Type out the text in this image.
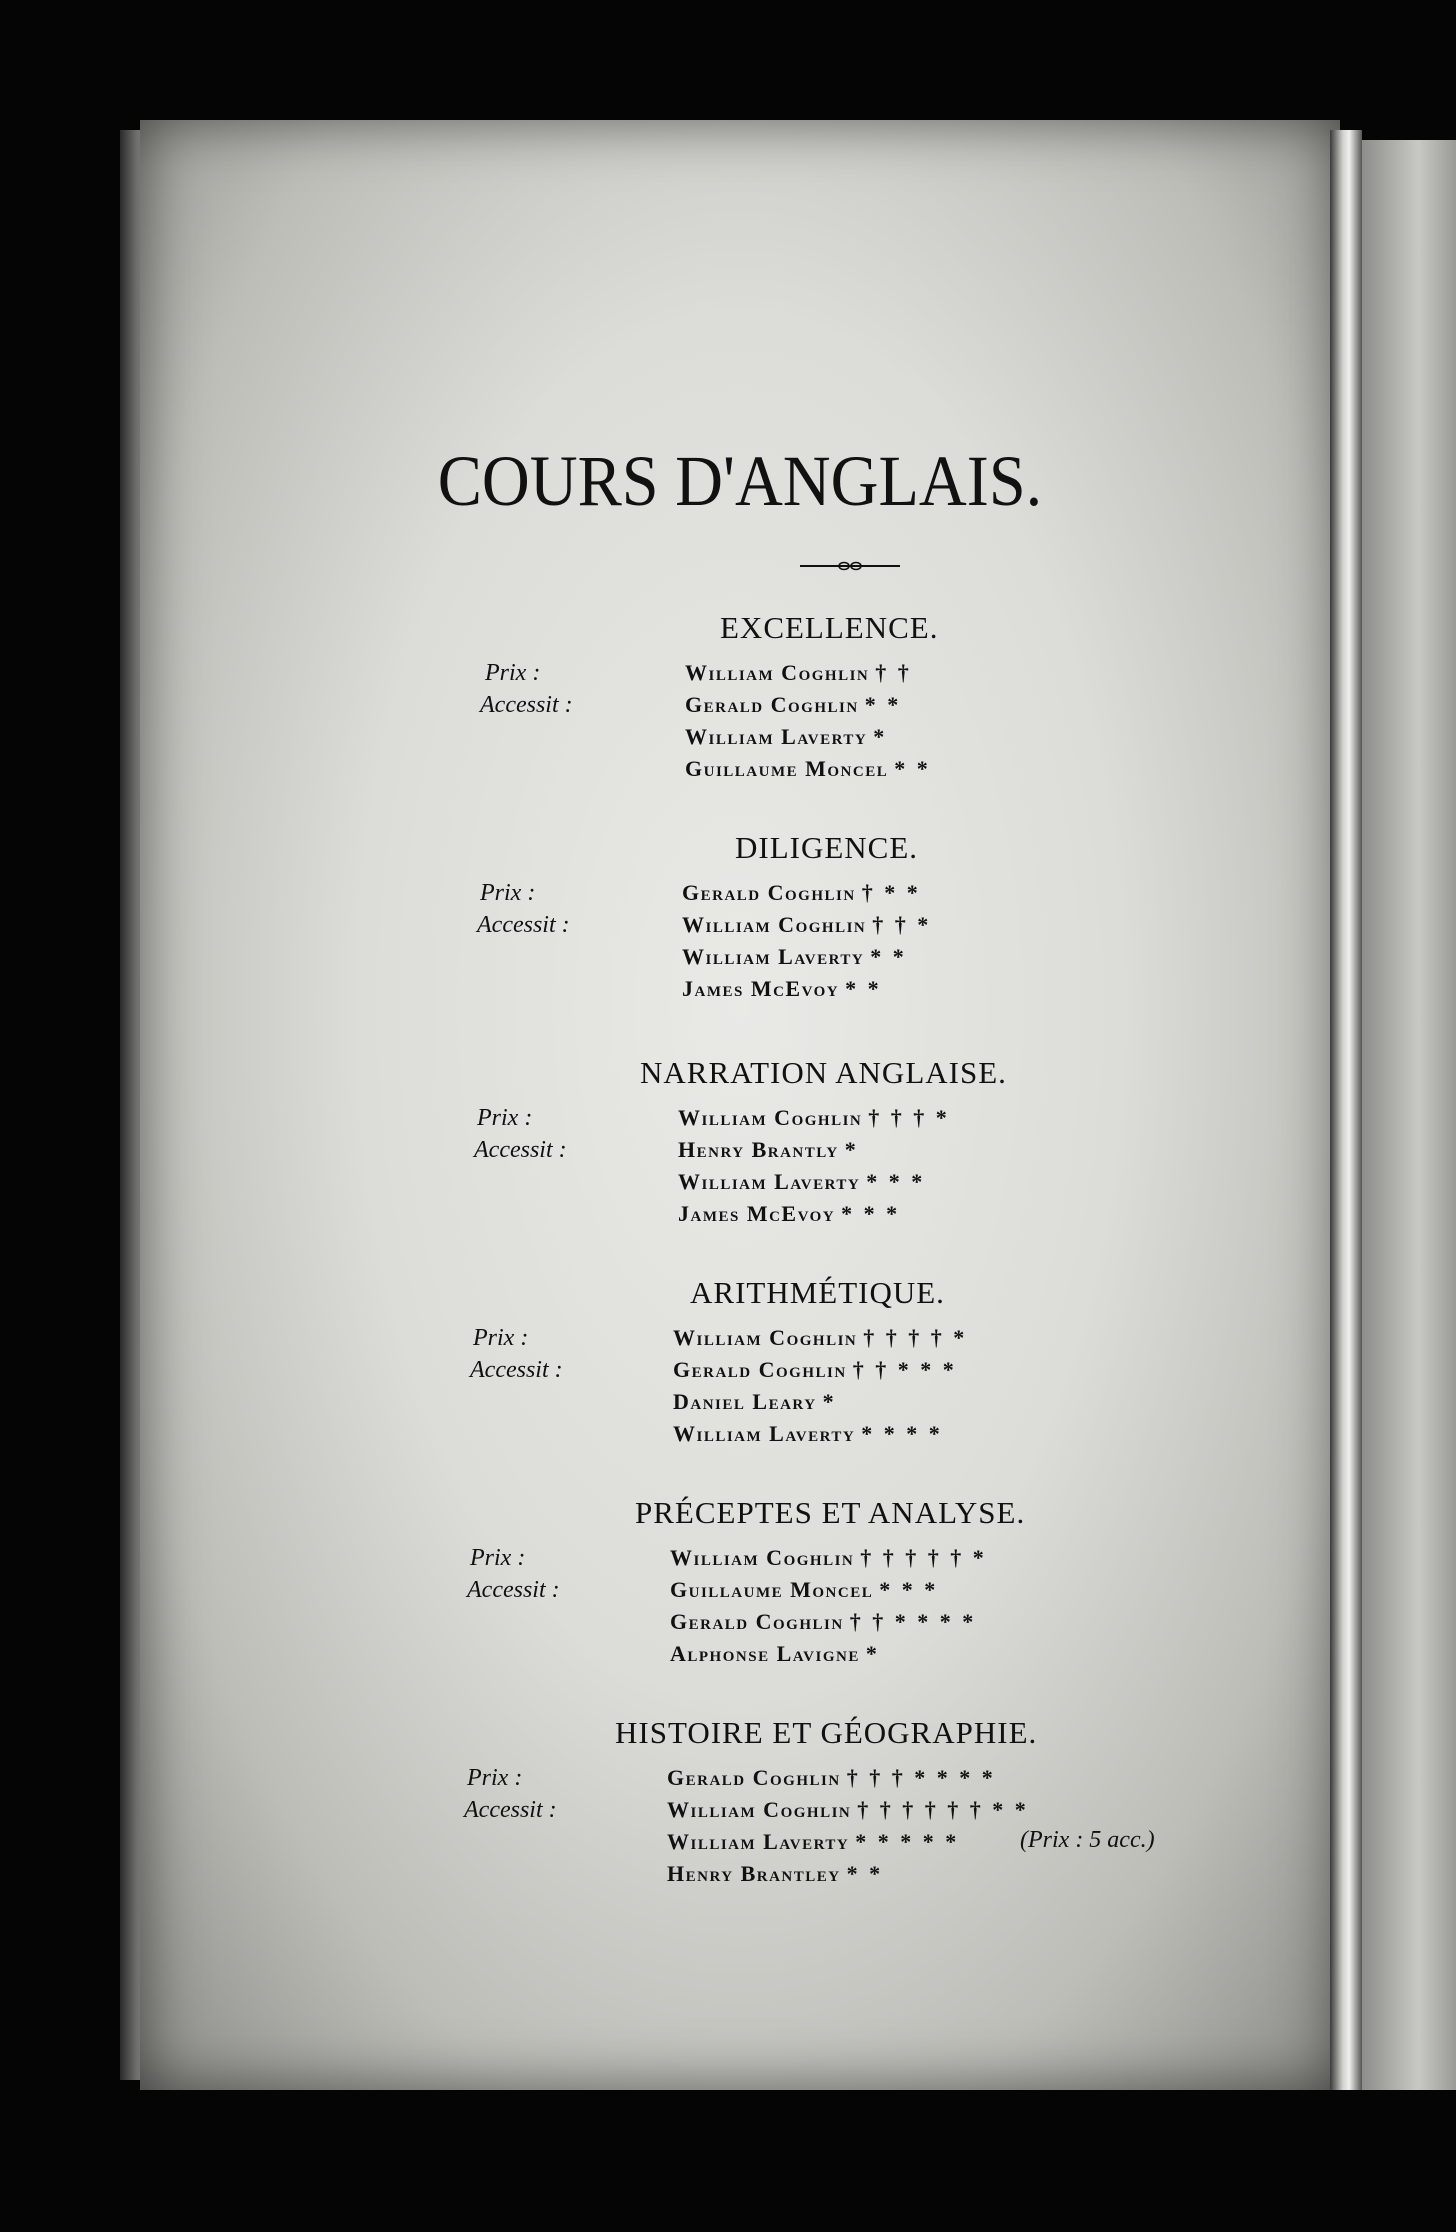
COURS D'ANGLAIS.
EXCELLENCE.
Prix :
Accessit :
William Coghlin † †
Gerald Coghlin * *
William Laverty *
Guillaume Moncel * *
DILIGENCE.
Prix :
Accessit :
Gerald Coghlin † * *
William Coghlin † † *
William Laverty * *
James McEvoy * *
NARRATION ANGLAISE.
Prix :
Accessit :
William Coghlin † † † *
Henry Brantly *
William Laverty * * *
James McEvoy * * *
ARITHMÉTIQUE.
Prix :
Accessit :
William Coghlin † † † † *
Gerald Coghlin † † * * *
Daniel Leary *
William Laverty * * * *
PRÉCEPTES ET ANALYSE.
Prix :
Accessit :
William Coghlin † † † † † *
Guillaume Moncel * * *
Gerald Coghlin † † * * * *
Alphonse Lavigne *
HISTOIRE ET GÉOGRAPHIE.
Prix :
Accessit :
Gerald Coghlin † † † * * * *
William Coghlin † † † † † † * *
William Laverty * * * * *
Henry Brantley * *
(Prix : 5 acc.)
